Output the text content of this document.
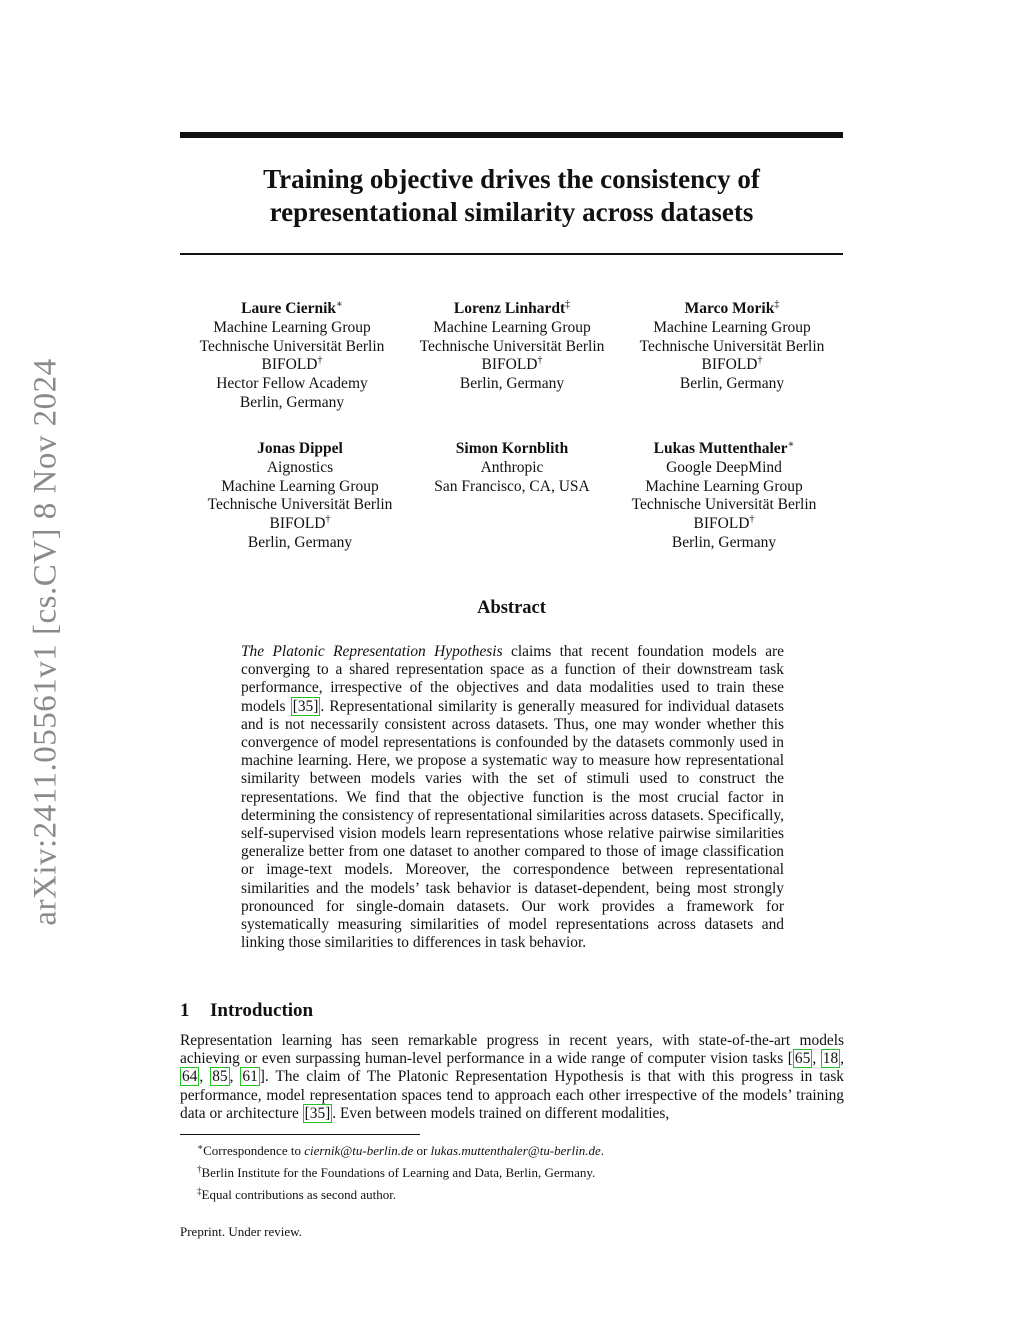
arXiv:2411.05561v1 [cs.CV] 8 Nov 2024
Training objective drives the consistency of
representational similarity across datasets
Laure Ciernik∗
Machine Learning Group
Technische Universität Berlin
BIFOLD†
Hector Fellow Academy
Berlin, Germany
Lorenz Linhardt‡
Machine Learning Group
Technische Universität Berlin
BIFOLD†
Berlin, Germany
Marco Morik‡
Machine Learning Group
Technische Universität Berlin
BIFOLD†
Berlin, Germany
Jonas Dippel
Aignostics
Machine Learning Group
Technische Universität Berlin
BIFOLD†
Berlin, Germany
Simon Kornblith
Anthropic
San Francisco, CA, USA
Lukas Muttenthaler∗
Google DeepMind
Machine Learning Group
Technische Universität Berlin
BIFOLD†
Berlin, Germany
Abstract

The Platonic Representation Hypothesis claims that recent foundation models are converging to a shared representation space as a function of their downstream task performance, irrespective of the objectives and data modalities used to train these models [35] . Representational similarity is generally measured for individual datasets and is not necessarily consistent across datasets. Thus, one may wonder whether this convergence of model representations is confounded by the datasets commonly used in machine learning. Here, we propose a systematic way to measure how representational similarity between models varies with the set of stimuli used to construct the representations. We find that the objective function is the most crucial factor in determining the consistency of representational similarities across datasets. Specifically, self-supervised vision models learn representations whose relative pairwise similarities generalize better from one dataset to another compared to those of image classification or image-text models. Moreover, the correspondence between representational similarities and the models’ task behavior is dataset-dependent, being most strongly pronounced for single-domain datasets. Our work provides a framework for systematically measuring similarities of model representations across datasets and linking those similarities to differences in task behavior.

1 Introduction

Representation learning has seen remarkable progress in recent years, with state-of-the-art models achieving or even surpassing human-level performance in a wide range of computer vision tasks [ 65 , 18 , 64 , 85 , 61 ]. The claim of The Platonic Representation Hypothesis is that with this progress in task performance, model representation spaces tend to approach each other irrespective of the models’ training data or architecture [35] . Even between models trained on different modalities,

∗Correspondence to ciernik@tu-berlin.de or lukas.muttenthaler@tu-berlin.de.
†Berlin Institute for the Foundations of Learning and Data, Berlin, Germany.
‡Equal contributions as second author.
Preprint. Under review.
